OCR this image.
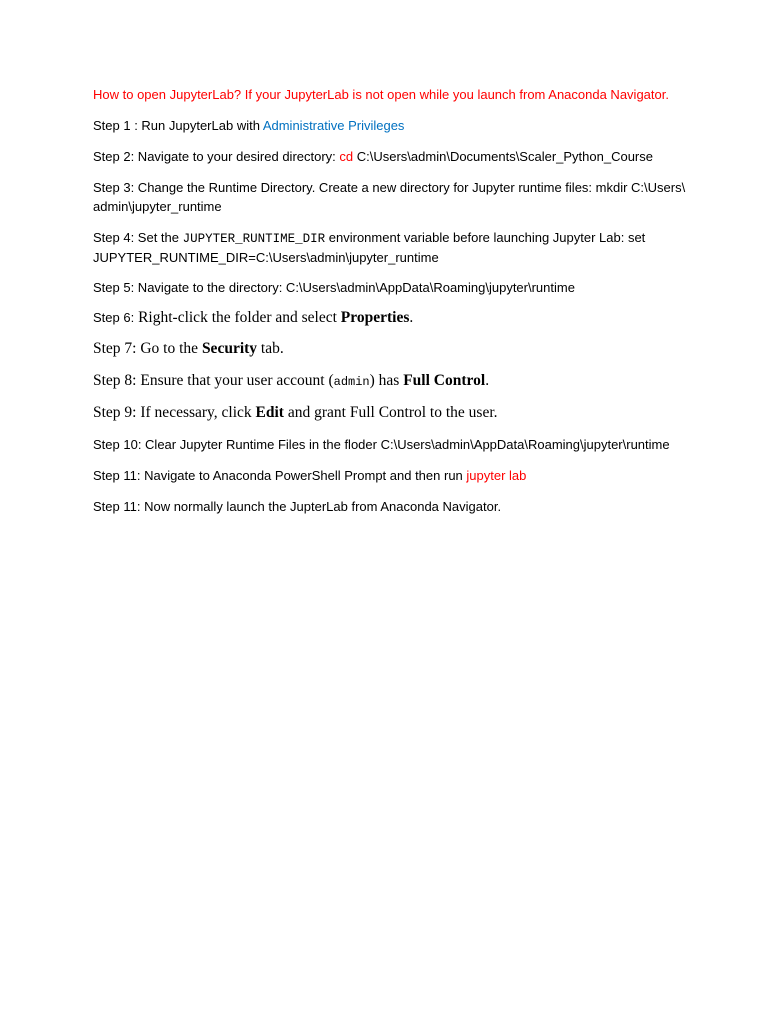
How to open JupyterLab? If your JupyterLab is not open while you launch from Anaconda Navigator.
Step 1 : Run JupyterLab with Administrative Privileges
Step 2: Navigate to your desired directory: cd C:\Users\admin\Documents\Scaler_Python_Course
Step 3: Change the Runtime Directory. Create a new directory for Jupyter runtime files: mkdir C:\Users\
admin\jupyter_runtime
Step 4: Set the JUPYTER_RUNTIME_DIR environment variable before launching Jupyter Lab: set
JUPYTER_RUNTIME_DIR=C:\Users\admin\jupyter_runtime
Step 5: Navigate to the directory: C:\Users\admin\AppData\Roaming\jupyter\runtime
Step 6: Right-click the folder and select Properties.
Step 7: Go to the Security tab.
Step 8: Ensure that your user account (admin) has Full Control.
Step 9: If necessary, click Edit and grant Full Control to the user.
Step 10: Clear Jupyter Runtime Files in the floder C:\Users\admin\AppData\Roaming\jupyter\runtime
Step 11: Navigate to Anaconda PowerShell Prompt and then run jupyter lab
Step 11: Now normally launch the JupterLab from Anaconda Navigator.
